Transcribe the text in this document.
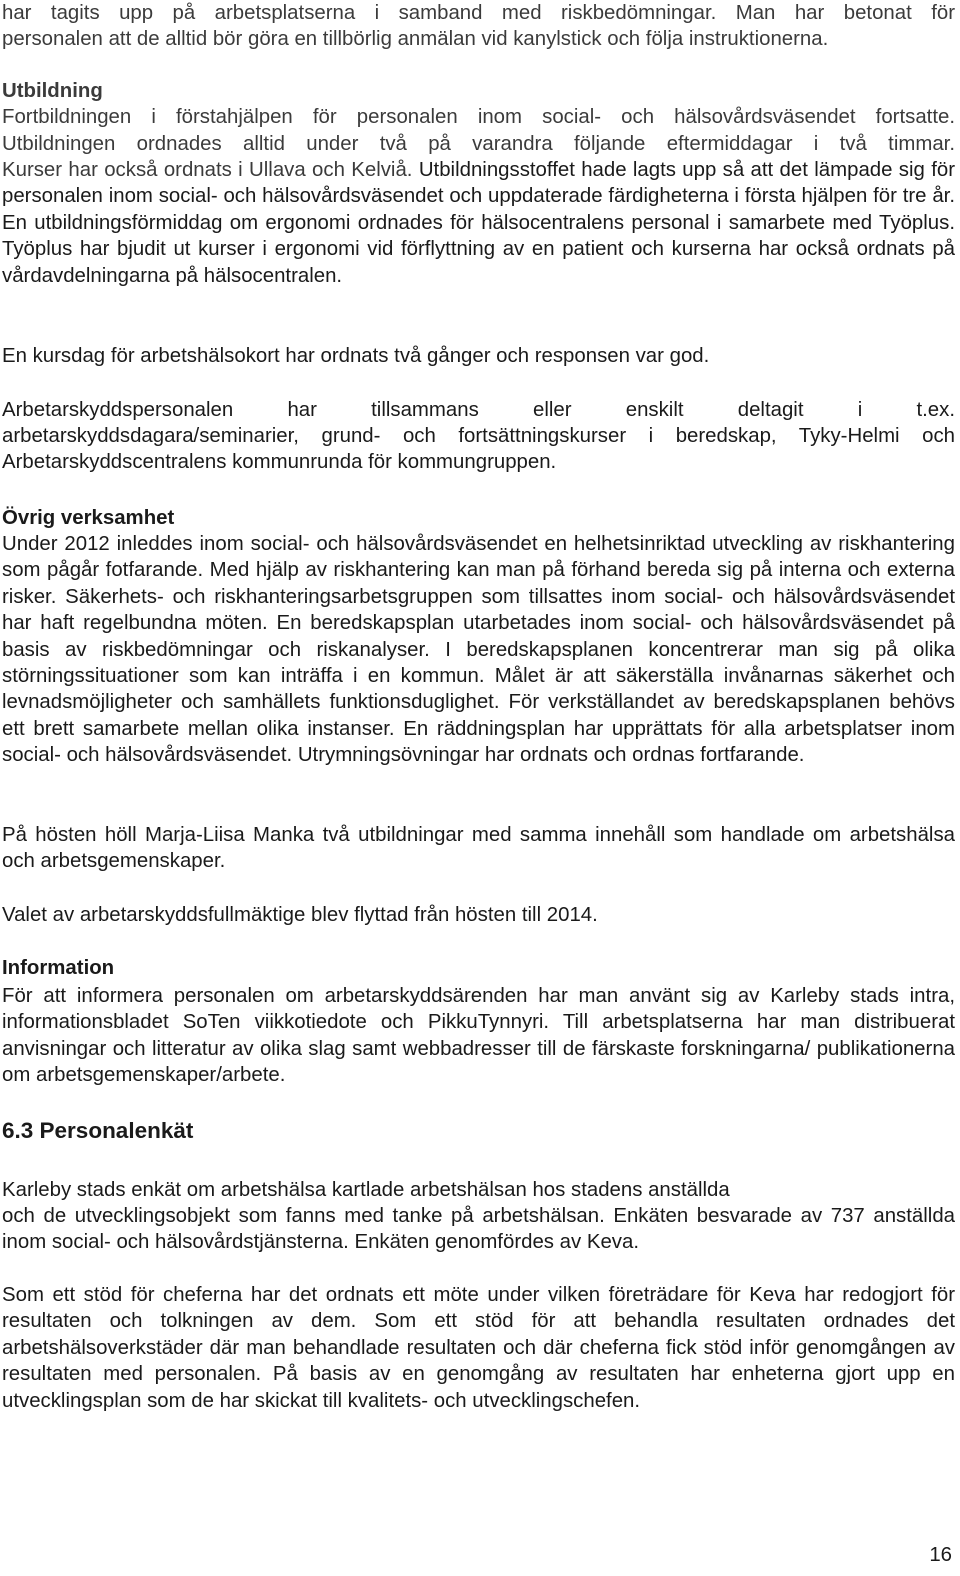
har tagits upp på arbetsplatserna i samband med riskbedömningar. Man har betonat för

personalen att de alltid bör göra en tillbörlig anmälan vid kanylstick och följa instruktionerna.

Utbildning

Fortbildningen i förstahjälpen för personalen inom social- och hälsovårdsväsendet fortsatte.

Utbildningen ordnades alltid under två på varandra följande eftermiddagar i två timmar.

Kurser har också ordnats i Ullava och Kelviå. Utbildningsstoffet hade lagts upp så att det lämpade sig för personalen inom social- och hälsovårdsväsendet och uppdaterade färdigheterna i första hjälpen för tre år. En utbildningsförmiddag om ergonomi ordnades för hälsocentralens personal i samarbete med Työplus. Työplus har bjudit ut kurser i ergonomi vid förflyttning av en patient och kurserna har också ordnats på vårdavdelningarna på hälsocentralen.

En kursdag för arbetshälsokort har ordnats två gånger och responsen var god.

Arbetarskyddspersonalen har tillsammans eller enskilt deltagit i t.ex.

arbetarskyddsdagara/seminarier, grund- och fortsättningskurser i beredskap, Tyky-Helmi och Arbetarskyddscentralens kommunrunda för kommungruppen.

Övrig verksamhet

Under 2012 inleddes inom social- och hälsovårdsväsendet en helhetsinriktad utveckling av riskhantering som pågår fotfarande. Med hjälp av riskhantering kan man på förhand bereda sig på interna och externa risker. Säkerhets- och riskhanteringsarbetsgruppen som tillsattes inom social- och hälsovårdsväsendet har haft regelbundna möten. En beredskapsplan utarbetades inom social- och hälsovårdsväsendet på basis av riskbedömningar och riskanalyser. I beredskapsplanen koncentrerar man sig på olika störningssituationer som kan inträffa i en kommun. Målet är att säkerställa invånarnas säkerhet och levnadsmöjligheter och samhällets funktionsduglighet. För verkställandet av beredskapsplanen behövs ett brett samarbete mellan olika instanser. En räddningsplan har upprättats för alla arbetsplatser inom social- och hälsovårdsväsendet. Utrymningsövningar har ordnats och ordnas fortfarande.

På hösten höll Marja-Liisa Manka två utbildningar med samma innehåll som handlade om arbetshälsa och arbetsgemenskaper.

Valet av arbetarskyddsfullmäktige blev flyttad från hösten till 2014.

Information

För att informera personalen om arbetarskyddsärenden har man använt sig av Karleby stads intra, informationsbladet SoTen viikkotiedote och PikkuTynnyri. Till arbetsplatserna har man distribuerat anvisningar och litteratur av olika slag samt webbadresser till de färskaste forskningarna/ publikationerna om arbetsgemenskaper/arbete.

6.3 Personalenkät

Karleby stads enkät om arbetshälsa kartlade arbetshälsan hos stadens anställda

och de utvecklingsobjekt som fanns med tanke på arbetshälsan. Enkäten besvarade av 737 anställda inom social- och hälsovårdstjänsterna. Enkäten genomfördes av Keva.

Som ett stöd för cheferna har det ordnats ett möte under vilken företrädare för Keva har redogjort för resultaten och tolkningen av dem. Som ett stöd för att behandla resultaten ordnades det arbetshälsoverkstäder där man behandlade resultaten och där cheferna fick stöd inför genomgången av resultaten med personalen. På basis av en genomgång av resultaten har enheterna gjort upp en utvecklingsplan som de har skickat till kvalitets- och utvecklingschefen.

16
